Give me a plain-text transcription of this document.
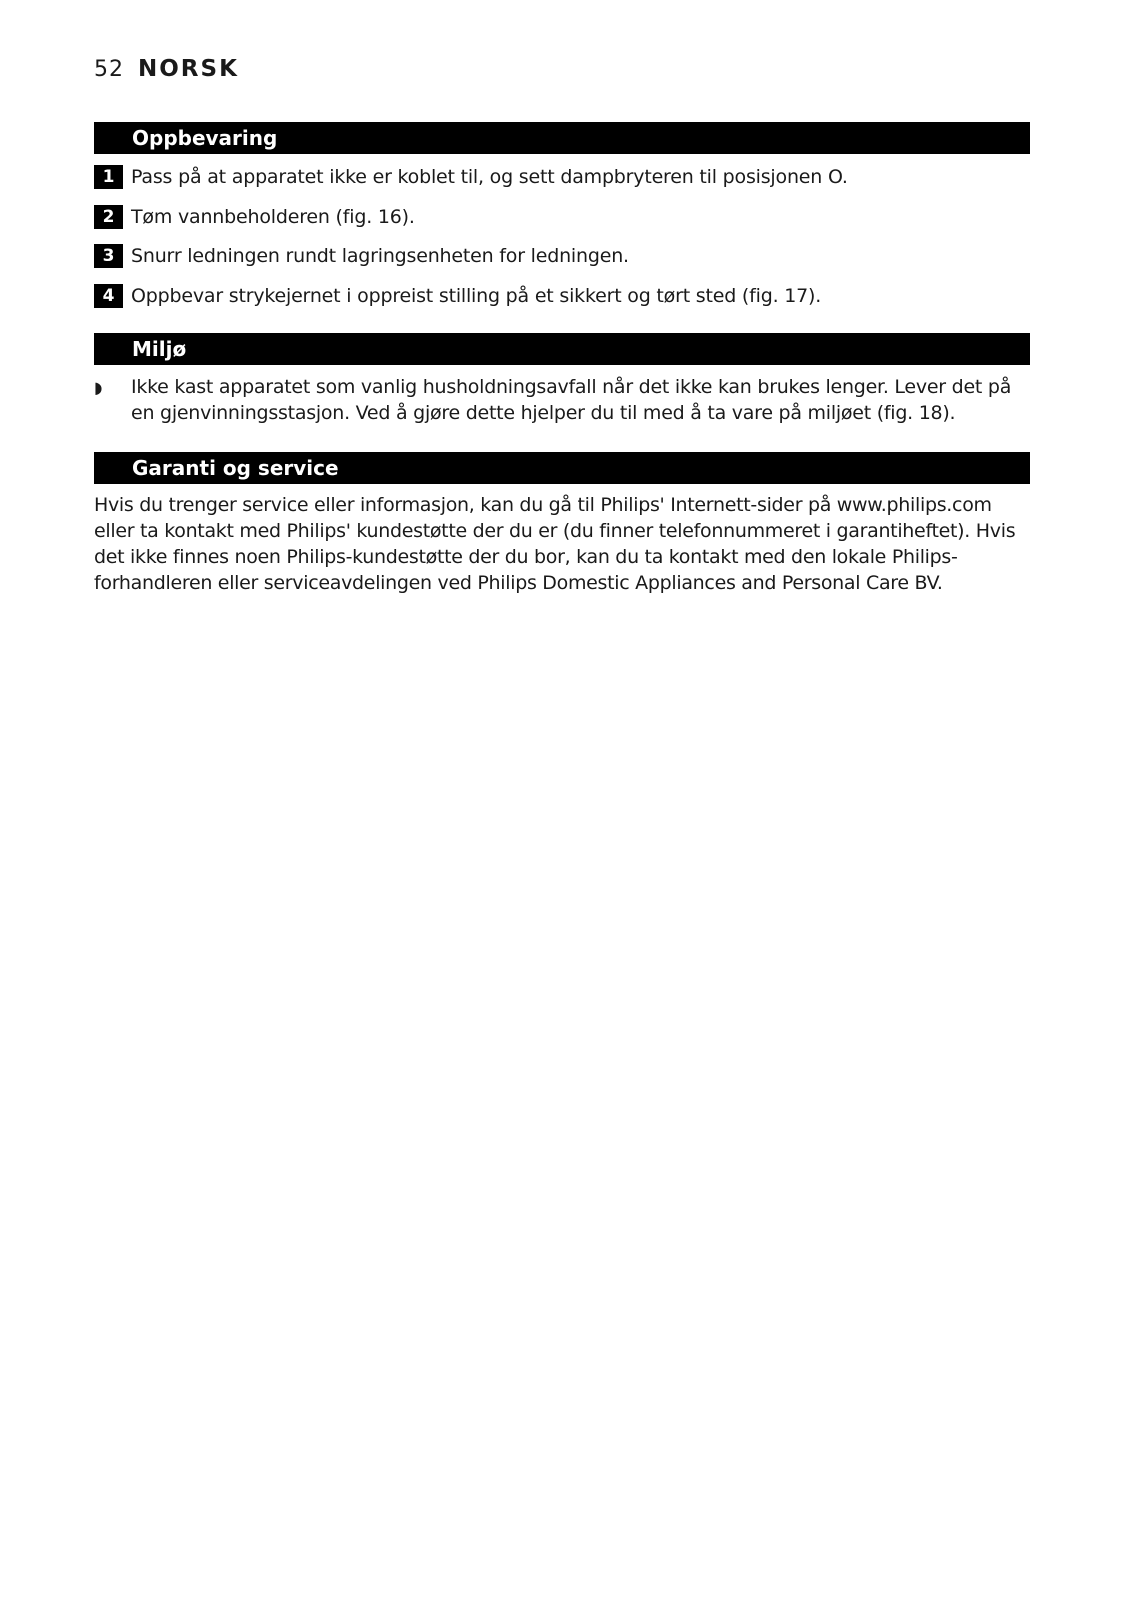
52 NORSK
Oppbevaring
1 Pass på at apparatet ikke er koblet til, og sett dampbryteren til posisjonen O.
2 Tøm vannbeholderen (fig. 16).
3 Snurr ledningen rundt lagringsenheten for ledningen.
4 Oppbevar strykejernet i oppreist stilling på et sikkert og tørt sted (fig. 17).
Miljø
◗	Ikke kast apparatet som vanlig husholdningsavfall når det ikke kan brukes lenger. Lever det på en gjenvinningsstasjon. Ved å gjøre dette hjelper du til med å ta vare på miljøet (fig. 18).
Garanti og service

Hvis du trenger service eller informasjon, kan du gå til Philips' Internett-sider på www.philips.com eller ta kontakt med Philips' kundestøtte der du er (du finner telefonnummeret i garantiheftet). Hvis det ikke finnes noen Philips-kundestøtte der du bor, kan du ta kontakt med den lokale Philips-forhandleren eller serviceavdelingen ved Philips Domestic Appliances and Personal Care BV.
